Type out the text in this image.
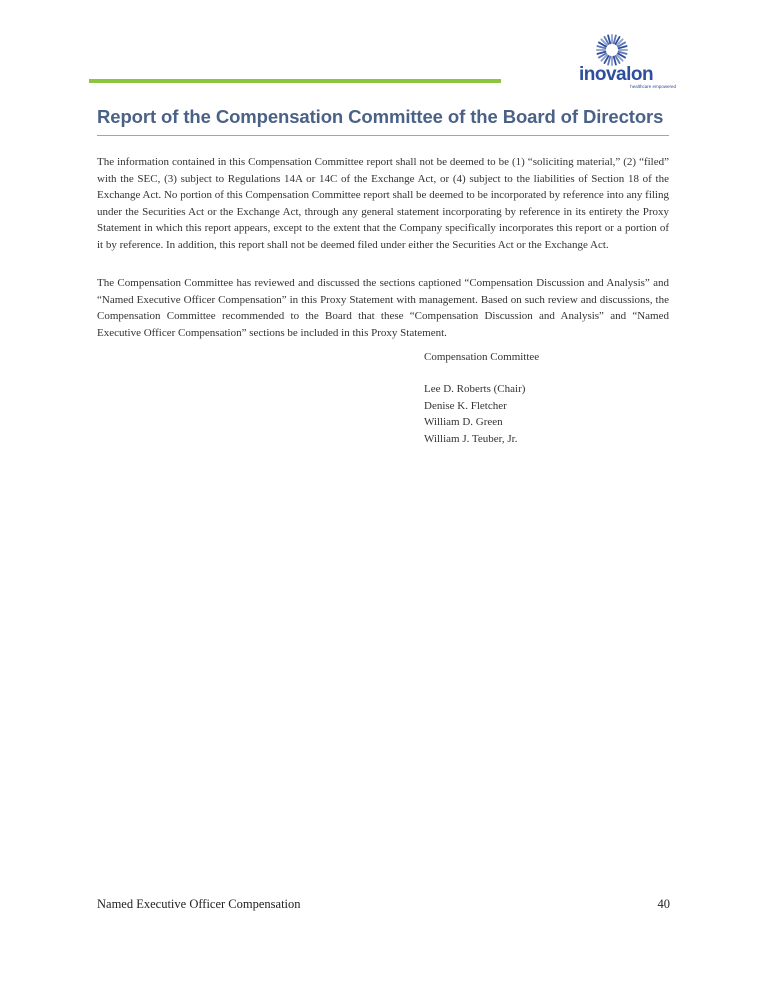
inovalon
healthcare empowered
Report of the Compensation Committee of the Board of Directors

The information contained in this Compensation Committee report shall not be deemed to be (1) “soliciting material,” (2) “filed” with the SEC, (3) subject to Regulations 14A or 14C of the Exchange Act, or (4) subject to the liabilities of Section 18 of the Exchange Act. No portion of this Compensation Committee report shall be deemed to be incorporated by reference into any filing under the Securities Act or the Exchange Act, through any general statement incorporating by reference in its entirety the Proxy Statement in which this report appears, except to the extent that the Company specifically incorporates this report or a portion of it by reference. In addition, this report shall not be deemed filed under either the Securities Act or the Exchange Act.

The Compensation Committee has reviewed and discussed the sections captioned “Compensation Discussion and Analysis” and “Named Executive Officer Compensation” in this Proxy Statement with management. Based on such review and discussions, the Compensation Committee recommended to the Board that these “Compensation Discussion and Analysis” and “Named Executive Officer Compensation” sections be included in this Proxy Statement.

Compensation Committee

Lee D. Roberts (Chair)
Denise K. Fletcher
William D. Green
William J. Teuber, Jr.
Named Executive Officer Compensation	40
